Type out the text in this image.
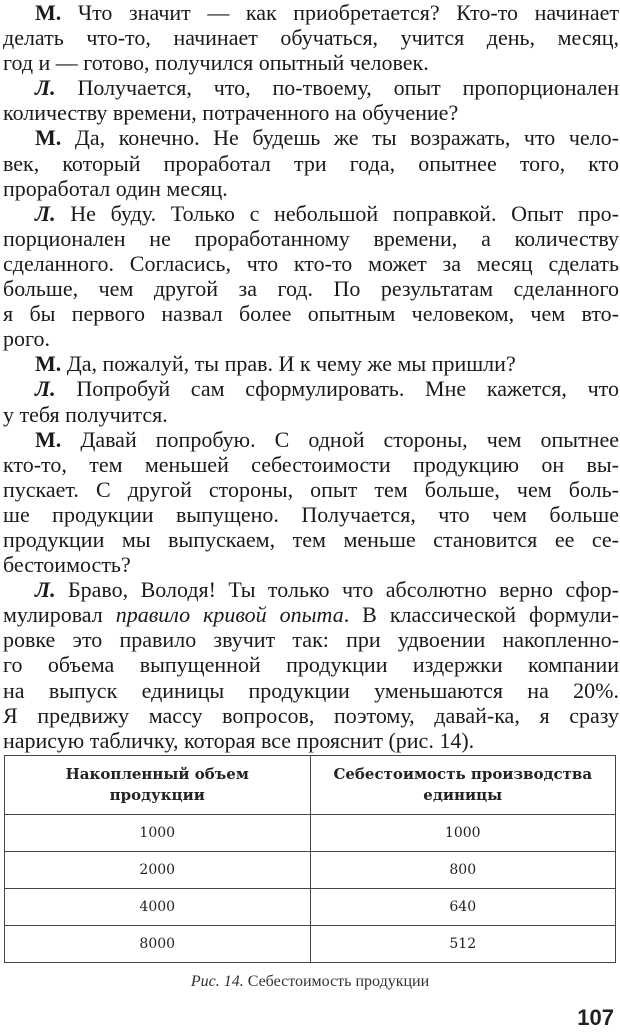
М. Что значит — как приобретается? Кто-то начинает
делать что-то, начинает обучаться, учится день, месяц,
год и — готово, получился опытный человек.
Л. Получается, что, по-твоему, опыт пропорционален
количеству времени, потраченного на обучение?
М. Да, конечно. Не будешь же ты возражать, что чело-
век, который проработал три года, опытнее того, кто
проработал один месяц.
Л. Не буду. Только с небольшой поправкой. Опыт про-
порционален не проработанному времени, а количеству
сделанного. Согласись, что кто-то может за месяц сделать
больше, чем другой за год. По результатам сделанного
я бы первого назвал более опытным человеком, чем вто-
рого.
М. Да, пожалуй, ты прав. И к чему же мы пришли?
Л. Попробуй сам сформулировать. Мне кажется, что
у тебя получится.
М. Давай попробую. С одной стороны, чем опытнее
кто-то, тем меньшей себестоимости продукцию он вы-
пускает. С другой стороны, опыт тем больше, чем боль-
ше продукции выпущено. Получается, что чем больше
продукции мы выпускаем, тем меньше становится ее се-
бестоимость?
Л. Браво, Володя! Ты только что абсолютно верно сфор-
мулировал правило кривой опыта. В классической формули-
ровке это правило звучит так: при удвоении накопленно-
го объема выпущенной продукции издержки компании
на выпуск единицы продукции уменьшаются на 20%.
Я предвижу массу вопросов, поэтому, давай-ка, я сразу
нарисую табличку, которая все прояснит (рис. 14).
Накопленный объем
продукции	Себестоимость производства
единицы
1000	1000
2000	800
4000	640
8000	512
Рис. 14. Себестоимость продукции
107
